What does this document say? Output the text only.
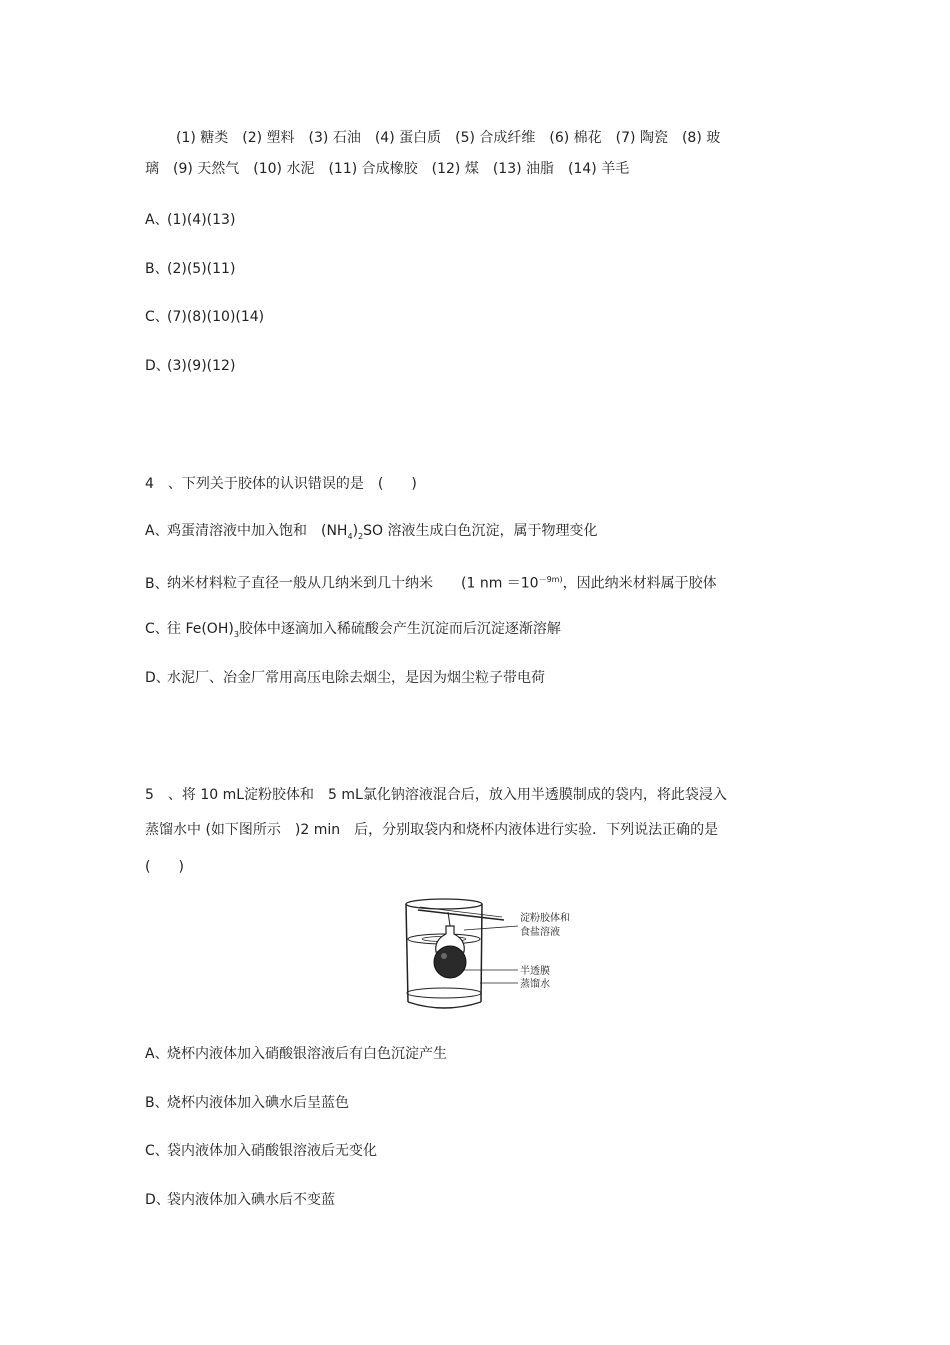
(1) 糖类　(2) 塑料　(3) 石油　(4) 蛋白质　(5) 合成纤维　(6) 棉花　(7) 陶瓷　(8) 玻
璃　(9) 天然气　(10) 水泥　(11) 合成橡胶　(12) 煤　(13) 油脂　(14) 羊毛
A、(1)(4)(13)
B、(2)(5)(11)
C、(7)(8)(10)(14)
D、(3)(9)(12)
4　、下列关于胶体的认识错误的是　(　　)
A、鸡蛋清溶液中加入饱和　$(NH_4)_2SO$ 溶液生成白色沉淀，属于物理变化
B、纳米材料粒子直径一般从几纳米到几十纳米　　(1 nm $=10^{-9m)}$，因此纳米材料属于胶体
C、往 $Fe(OH)_3$胶体中逐滴加入稀硫酸会产生沉淀而后沉淀逐渐溶解
D、水泥厂、冶金厂常用高压电除去烟尘，是因为烟尘粒子带电荷
5　、将 10 mL淀粉胶体和　5 mL氯化钠溶液混合后，放入用半透膜制成的袋内，将此袋浸入
蒸馏水中 (如下图所示　)2 min　后，分别取袋内和烧杯内液体进行实验．下列说法正确的是
(　　)
淀粉胶体和
食盐溶液
半透膜
蒸馏水
A、烧杯内液体加入硝酸银溶液后有白色沉淀产生
B、烧杯内液体加入碘水后呈蓝色
C、袋内液体加入硝酸银溶液后无变化
D、袋内液体加入碘水后不变蓝
